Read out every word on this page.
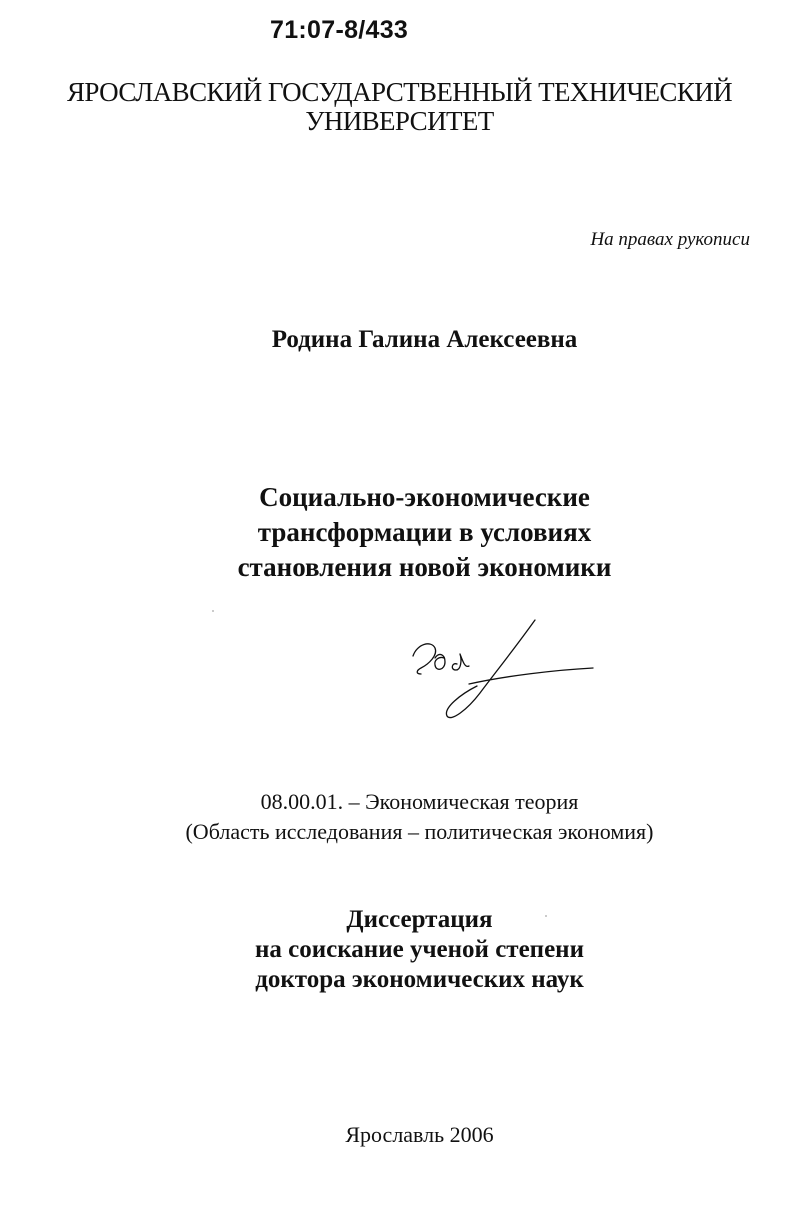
71:07-8/433
ЯРОСЛАВСКИЙ ГОСУДАРСТВЕННЫЙ ТЕХНИЧЕСКИЙ
УНИВЕРСИТЕТ
На правах рукописи
Родина Галина Алексеевна
Социально-экономические
трансформации в условиях
становления новой экономики
08.00.01. – Экономическая теория
(Область исследования – политическая экономия)
Диссертация
на соискание ученой степени
доктора экономических наук
Ярославль 2006
